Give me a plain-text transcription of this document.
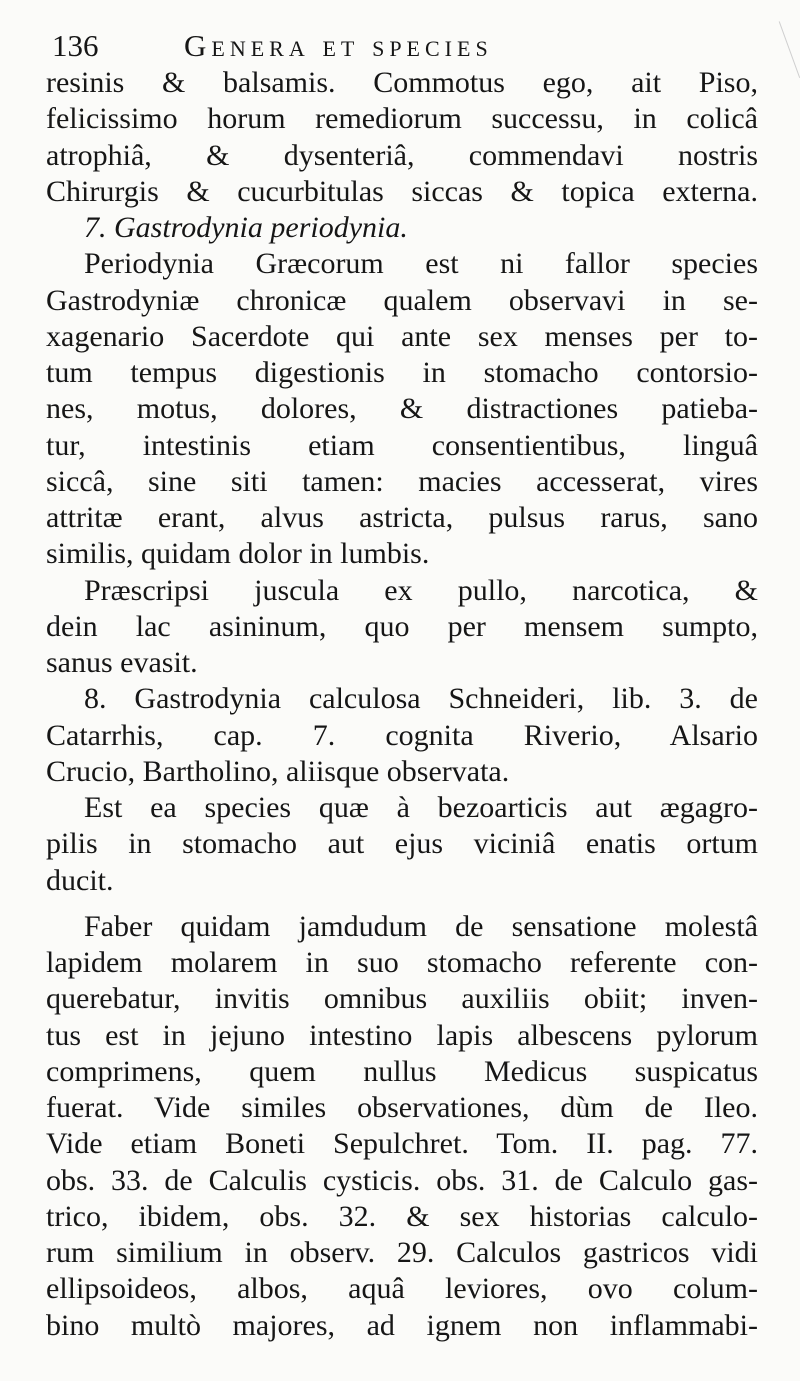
136	Genera et species
resinis & balsamis. Commotus ego, ait Piso,
felicissimo horum remediorum successu, in colicâ
atrophiâ, & dysenteriâ, commendavi nostris
Chirurgis & cucurbitulas siccas & topica externa.
7. Gastrodynia periodynia.
Periodynia Græcorum est ni fallor species
Gastrodyniæ chronicæ qualem observavi in se-
xagenario Sacerdote qui ante sex menses per to-
tum tempus digestionis in stomacho contorsio-
nes, motus, dolores, & distractiones patieba-
tur, intestinis etiam consentientibus, linguâ
siccâ, sine siti tamen: macies accesserat, vires
attritæ erant, alvus astricta, pulsus rarus, sano
similis, quidam dolor in lumbis.
Præscripsi juscula ex pullo, narcotica, &
dein lac asininum, quo per mensem sumpto,
sanus evasit.
8. Gastrodynia calculosa Schneideri, lib. 3. de
Catarrhis, cap. 7. cognita Riverio, Alsario
Crucio, Bartholino, aliisque observata.
Est ea species quæ à bezoarticis aut ægagro-
pilis in stomacho aut ejus viciniâ enatis ortum
ducit.
Faber quidam jamdudum de sensatione molestâ
lapidem molarem in suo stomacho referente con-
querebatur, invitis omnibus auxiliis obiit; inven-
tus est in jejuno intestino lapis albescens pylorum
comprimens, quem nullus Medicus suspicatus
fuerat. Vide similes observationes, dùm de Ileo.
Vide etiam Boneti Sepulchret. Tom. II. pag. 77.
obs. 33. de Calculis cysticis. obs. 31. de Calculo gas-
trico, ibidem, obs. 32. & sex historias calculo-
rum similium in observ. 29. Calculos gastricos vidi
ellipsoideos, albos, aquâ leviores, ovo colum-
bino multò majores, ad ignem non inflammabi-
